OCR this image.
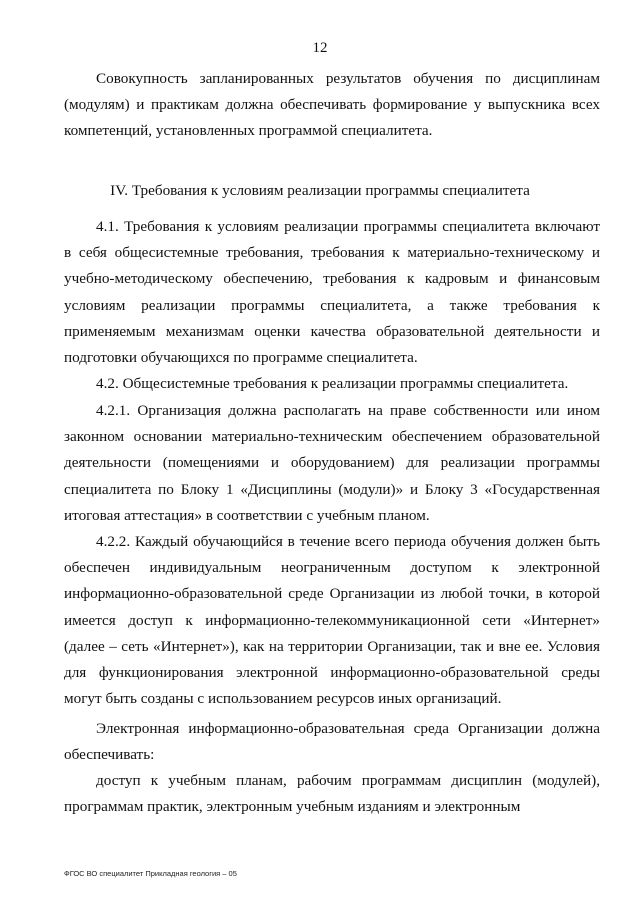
12

Совокупность запланированных результатов обучения по дисциплинам (модулям) и практикам должна обеспечивать формирование у выпускника всех компетенций, установленных программой специалитета.

IV. Требования к условиям реализации программы специалитета

4.1. Требования к условиям реализации программы специалитета включают в себя общесистемные требования, требования к материально-техническому и учебно-методическому обеспечению, требования к кадровым и финансовым условиям реализации программы специалитета, а также требования к применяемым механизмам оценки качества образовательной деятельности и подготовки обучающихся по программе специалитета.

4.2. Общесистемные требования к реализации программы специалитета.

4.2.1. Организация должна располагать на праве собственности или ином законном основании материально-техническим обеспечением образовательной деятельности (помещениями и оборудованием) для реализации программы специалитета по Блоку 1 «Дисциплины (модули)» и Блоку 3 «Государственная итоговая аттестация» в соответствии с учебным планом.

4.2.2. Каждый обучающийся в течение всего периода обучения должен быть обеспечен индивидуальным неограниченным доступом к электронной информационно-образовательной среде Организации из любой точки, в которой имеется доступ к информационно-телекоммуникационной сети «Интернет» (далее – сеть «Интернет»), как на территории Организации, так и вне ее. Условия для функционирования электронной информационно-образовательной среды могут быть созданы с использованием ресурсов иных организаций.

Электронная информационно-образовательная среда Организации должна обеспечивать:

доступ к учебным планам, рабочим программам дисциплин (модулей), программам практик, электронным учебным изданиям и электронным

ФГОС ВО специалитет Прикладная геология – 05
